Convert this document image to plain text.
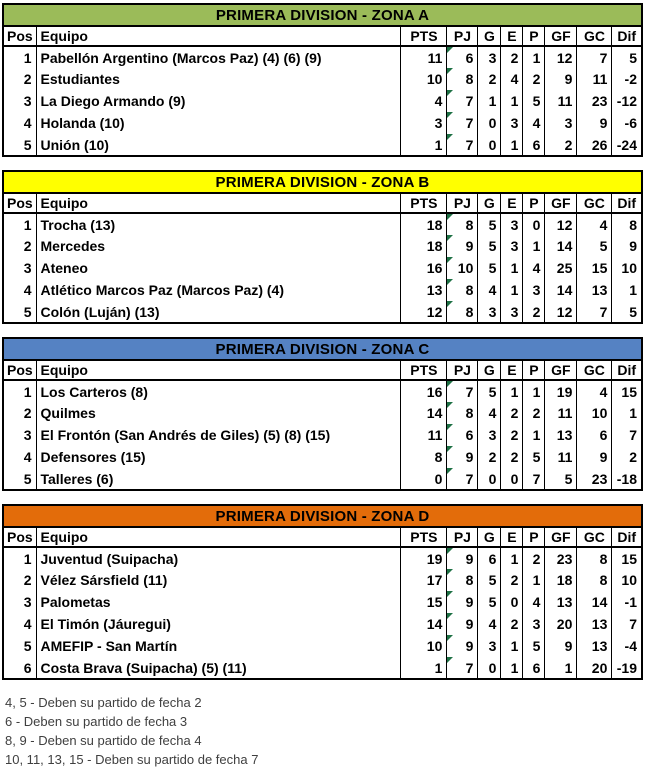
PRIMERA DIVISION - ZONA A									
Pos	Equipo	PTS	PJ	G	E	P	GF	GC	Dif
1	Pabellón Argentino (Marcos Paz) (4) (6) (9)	11	6	3	2	1	12	7	5
2	Estudiantes	10	8	2	4	2	9	11	-2
3	La Diego Armando (9)	4	7	1	1	5	11	23	-12
4	Holanda (10)	3	7	0	3	4	3	9	-6
5	Unión (10)	1	7	0	1	6	2	26	-24
PRIMERA DIVISION - ZONA B									
Pos	Equipo	PTS	PJ	G	E	P	GF	GC	Dif
1	Trocha (13)	18	8	5	3	0	12	4	8
2	Mercedes	18	9	5	3	1	14	5	9
3	Ateneo	16	10	5	1	4	25	15	10
4	Atlético Marcos Paz (Marcos Paz) (4)	13	8	4	1	3	14	13	1
5	Colón (Luján) (13)	12	8	3	3	2	12	7	5
PRIMERA DIVISION - ZONA C									
Pos	Equipo	PTS	PJ	G	E	P	GF	GC	Dif
1	Los Carteros (8)	16	7	5	1	1	19	4	15
2	Quilmes	14	8	4	2	2	11	10	1
3	El Frontón (San Andrés de Giles) (5) (8) (15)	11	6	3	2	1	13	6	7
4	Defensores (15)	8	9	2	2	5	11	9	2
5	Talleres (6)	0	7	0	0	7	5	23	-18
PRIMERA DIVISION - ZONA D									
Pos	Equipo	PTS	PJ	G	E	P	GF	GC	Dif
1	Juventud (Suipacha)	19	9	6	1	2	23	8	15
2	Vélez Sársfield (11)	17	8	5	2	1	18	8	10
3	Palometas	15	9	5	0	4	13	14	-1
4	El Timón (Jáuregui)	14	9	4	2	3	20	13	7
5	AMEFIP - San Martín	10	9	3	1	5	9	13	-4
6	Costa Brava (Suipacha) (5) (11)	1	7	0	1	6	1	20	-19
4, 5 - Deben su partido de fecha 2
6 - Deben su partido de fecha 3
8, 9 - Deben su partido de fecha 4
10, 11, 13, 15 - Deben su partido de fecha 7
